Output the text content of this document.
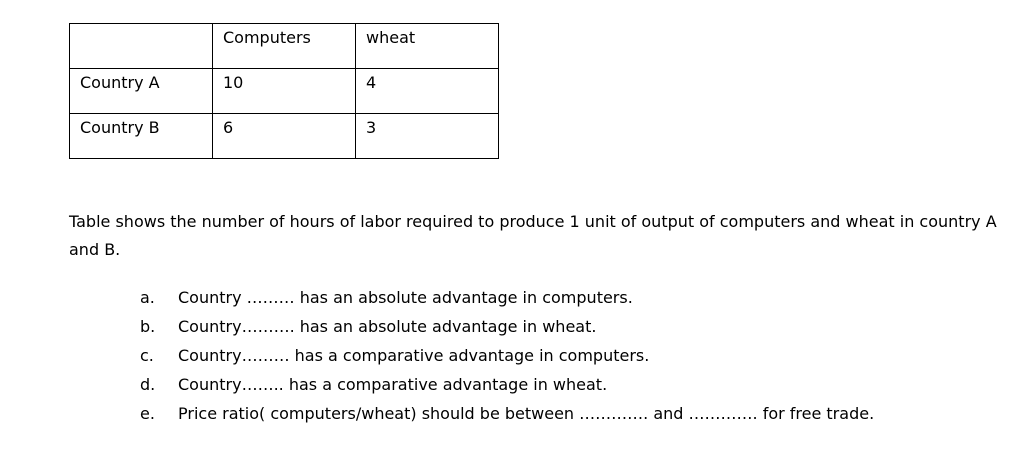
	Computers	wheat

Country A	10	4

Country B	6	3

Table shows the number of hours of labor required to produce 1 unit of output of computers and wheat in country A and B.

a. Country ……… has an absolute advantage in computers.
b. Country………. has an absolute advantage in wheat.
c. Country……… has a comparative advantage in computers.
d. Country…….. has a comparative advantage in wheat.
e. Price ratio( computers/wheat) should be between …………. and …………. for free trade.
